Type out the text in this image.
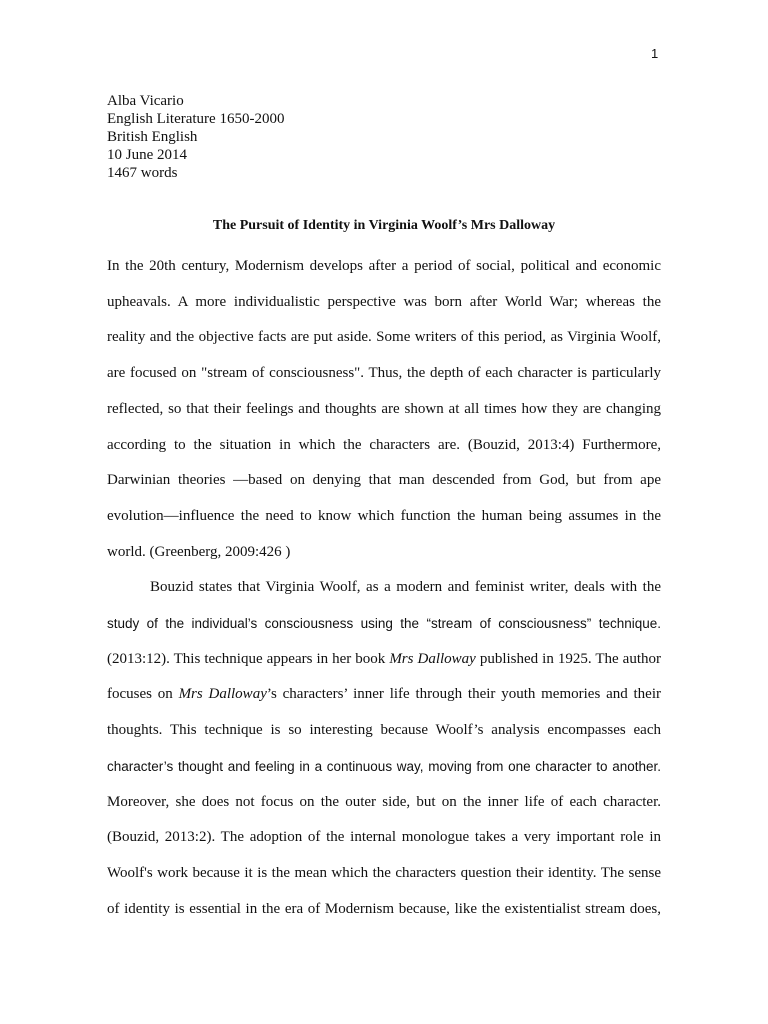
1
Alba Vicario
English Literature 1650-2000
British English
10 June 2014
1467 words
The Pursuit of Identity in Virginia Woolf’s Mrs Dalloway
In the 20th century, Modernism develops after a period of social, political and economic
upheavals. A more individualistic perspective was born after World War; whereas the
reality and the objective facts are put aside. Some writers of this period, as Virginia Woolf,
are focused on "stream of consciousness". Thus, the depth of each character is particularly
reflected, so that their feelings and thoughts are shown at all times how they are changing
according to the situation in which the characters are. (Bouzid, 2013:4) Furthermore,
Darwinian theories —based on denying that man descended from God, but from ape
evolution—influence the need to know which function the human being assumes in the
world. (Greenberg, 2009:426 )
Bouzid states that Virginia Woolf, as a modern and feminist writer, deals with the
study of the individual’s consciousness using the “stream of consciousness” technique.
(2013:12). This technique appears in her book Mrs Dalloway published in 1925. The author
focuses on Mrs Dalloway’s characters’ inner life through their youth memories and their
thoughts. This technique is so interesting because Woolf’s analysis encompasses each
character’s thought and feeling in a continuous way, moving from one character to another.
Moreover, she does not focus on the outer side, but on the inner life of each character.
(Bouzid, 2013:2). The adoption of the internal monologue takes a very important role in
Woolf's work because it is the mean which the characters question their identity. The sense
of identity is essential in the era of Modernism because, like the existentialist stream does,
